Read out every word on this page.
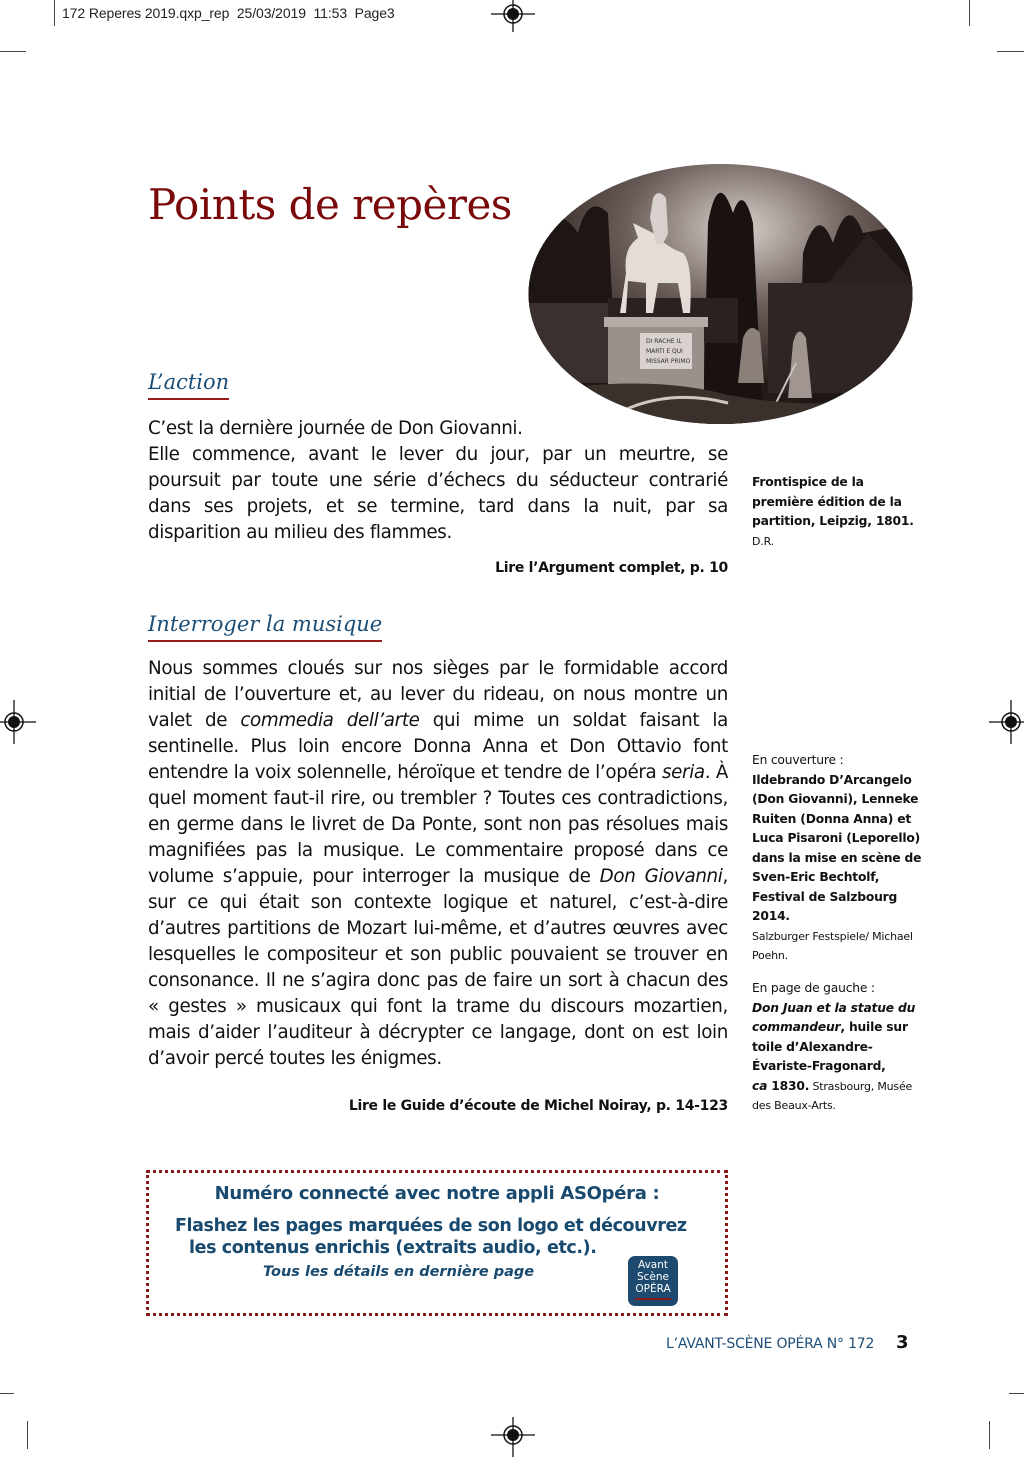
172 Reperes 2019.qxp_rep  25/03/2019  11:53  Page3
Points de repères
DI RACHE IL
MARTI E QUI
MISSAR PRIMO
L’action

C’est la dernière journée de Don Giovanni.

Elle commence, avant le lever du jour, par un meurtre, se poursuit par toute une série d’échecs du séducteur contrarié dans ses projets, et se termine, tard dans la nuit, par sa disparition au milieu des flammes.

Lire l’Argument complet, p. 10
Frontispice de la première édition de la partition, Leipzig, 1801.
D.R.
Interroger la musique

Nous sommes cloués sur nos sièges par le formidable accord initial de l’ouverture et, au lever du rideau, on nous montre un valet de commedia dell’arte qui mime un soldat faisant la sentinelle. Plus loin encore Donna Anna et Don Ottavio font entendre la voix solennelle, héroïque et tendre de l’opéra seria. À quel moment faut-il rire, ou trembler ? Toutes ces contradictions, en germe dans le livret de Da Ponte, sont non pas résolues mais magnifiées pas la musique. Le commentaire proposé dans ce volume s’appuie, pour interroger la musique de Don Giovanni, sur ce qui était son contexte logique et naturel, c’est-à-dire d’autres partitions de Mozart lui-même, et d’autres œuvres avec lesquelles le compositeur et son public pouvaient se trouver en consonance. Il ne s’agira donc pas de faire un sort à chacun des « gestes » musicaux qui font la trame du discours mozartien, mais d’aider l’auditeur à décrypter ce langage, dont on est loin d’avoir percé toutes les énigmes.

Lire le Guide d’écoute de Michel Noiray, p. 14-123
En couverture :
Ildebrando D’Arcangelo (Don Giovanni), Lenneke Ruiten (Donna Anna) et Luca Pisaroni (Leporello) dans la mise en scène de Sven-Eric Bechtolf, Festival de Salzbourg 2014.
Salzburger Festspiele/ Michael Poehn.
En page de gauche :
Don Juan et la statue du commandeur, huile sur toile d’Alexandre-Évariste-Fragonard,
ca 1830. Strasbourg, Musée des Beaux-Arts.
Numéro connecté avec notre appli ASOpéra :
Flashez les pages marquées de son logo et découvrez
les contenus enrichis (extraits audio, etc.).
Tous les détails en dernière page	Avant
Scène
OPÉRA
L’AVANT-SCÈNE OPÉRA N° 172 3
